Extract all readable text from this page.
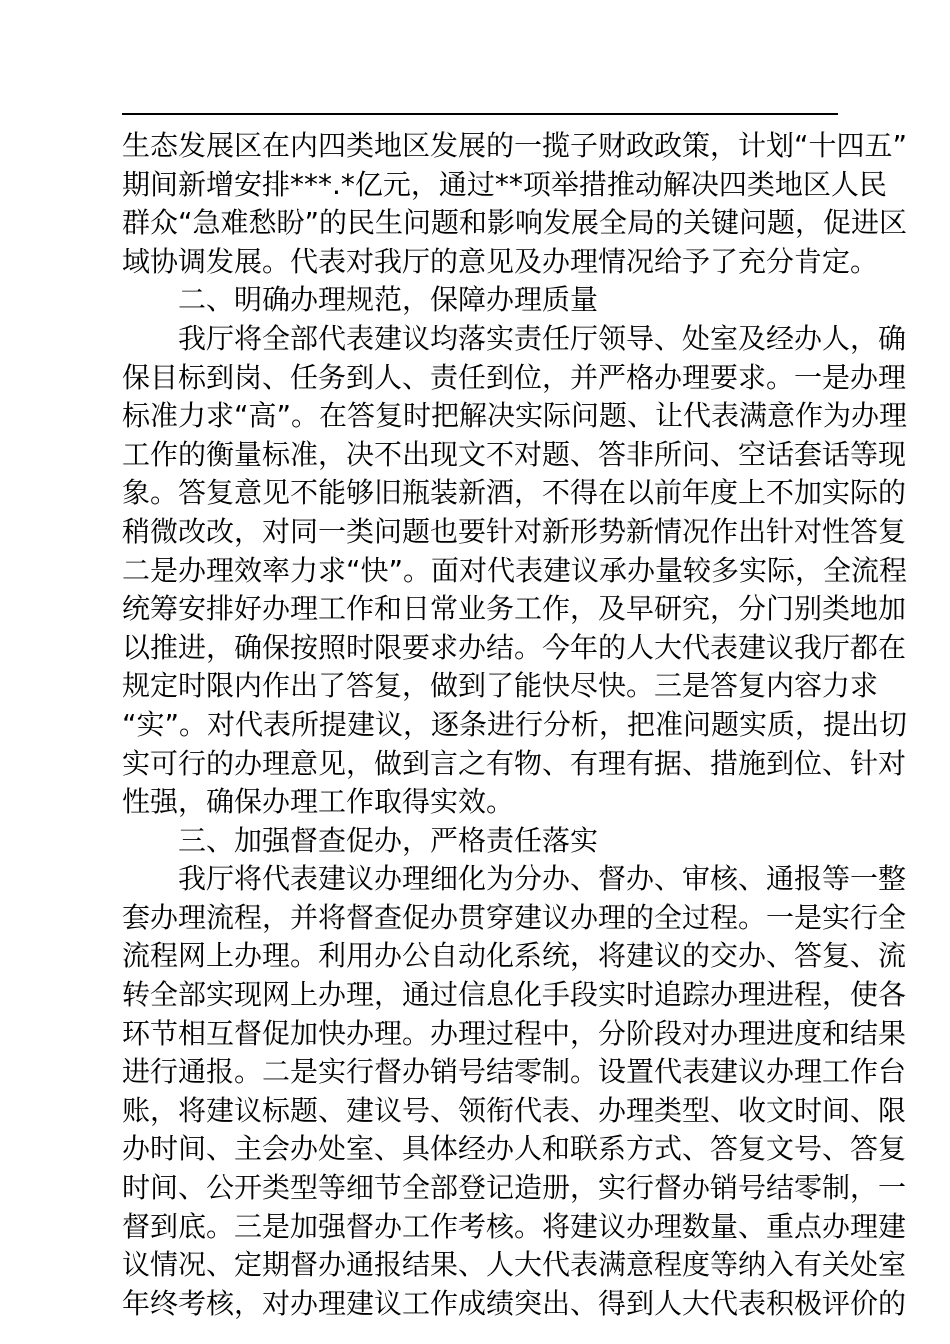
生态发展区在内四类地区发展的一揽子财政政策，计划“十四五”
期间新增安排***.*亿元，通过**项举措推动解决四类地区人民
群众“急难愁盼”的民生问题和影响发展全局的关键问题，促进区
域协调发展。代表对我厅的意见及办理情况给予了充分肯定。
二、明确办理规范，保障办理质量
我厅将全部代表建议均落实责任厅领导、处室及经办人，确
保目标到岗、任务到人、责任到位，并严格办理要求。一是办理
标准力求“高”。在答复时把解决实际问题、让代表满意作为办理
工作的衡量标准，决不出现文不对题、答非所问、空话套话等现
象。答复意见不能够旧瓶装新酒，不得在以前年度上不加实际的
稍微改改，对同一类问题也要针对新形势新情况作出针对性答复
二是办理效率力求“快”。面对代表建议承办量较多实际，全流程
统筹安排好办理工作和日常业务工作，及早研究，分门别类地加
以推进，确保按照时限要求办结。今年的人大代表建议我厅都在
规定时限内作出了答复，做到了能快尽快。三是答复内容力求
“实”。对代表所提建议，逐条进行分析，把准问题实质，提出切
实可行的办理意见，做到言之有物、有理有据、措施到位、针对
性强，确保办理工作取得实效。
三、加强督查促办，严格责任落实
我厅将代表建议办理细化为分办、督办、审核、通报等一整
套办理流程，并将督查促办贯穿建议办理的全过程。一是实行全
流程网上办理。利用办公自动化系统，将建议的交办、答复、流
转全部实现网上办理，通过信息化手段实时追踪办理进程，使各
环节相互督促加快办理。办理过程中，分阶段对办理进度和结果
进行通报。二是实行督办销号结零制。设置代表建议办理工作台
账，将建议标题、建议号、领衔代表、办理类型、收文时间、限
办时间、主会办处室、具体经办人和联系方式、答复文号、答复
时间、公开类型等细节全部登记造册，实行督办销号结零制，一
督到底。三是加强督办工作考核。将建议办理数量、重点办理建
议情况、定期督办通报结果、人大代表满意程度等纳入有关处室
年终考核，对办理建议工作成绩突出、得到人大代表积极评价的
